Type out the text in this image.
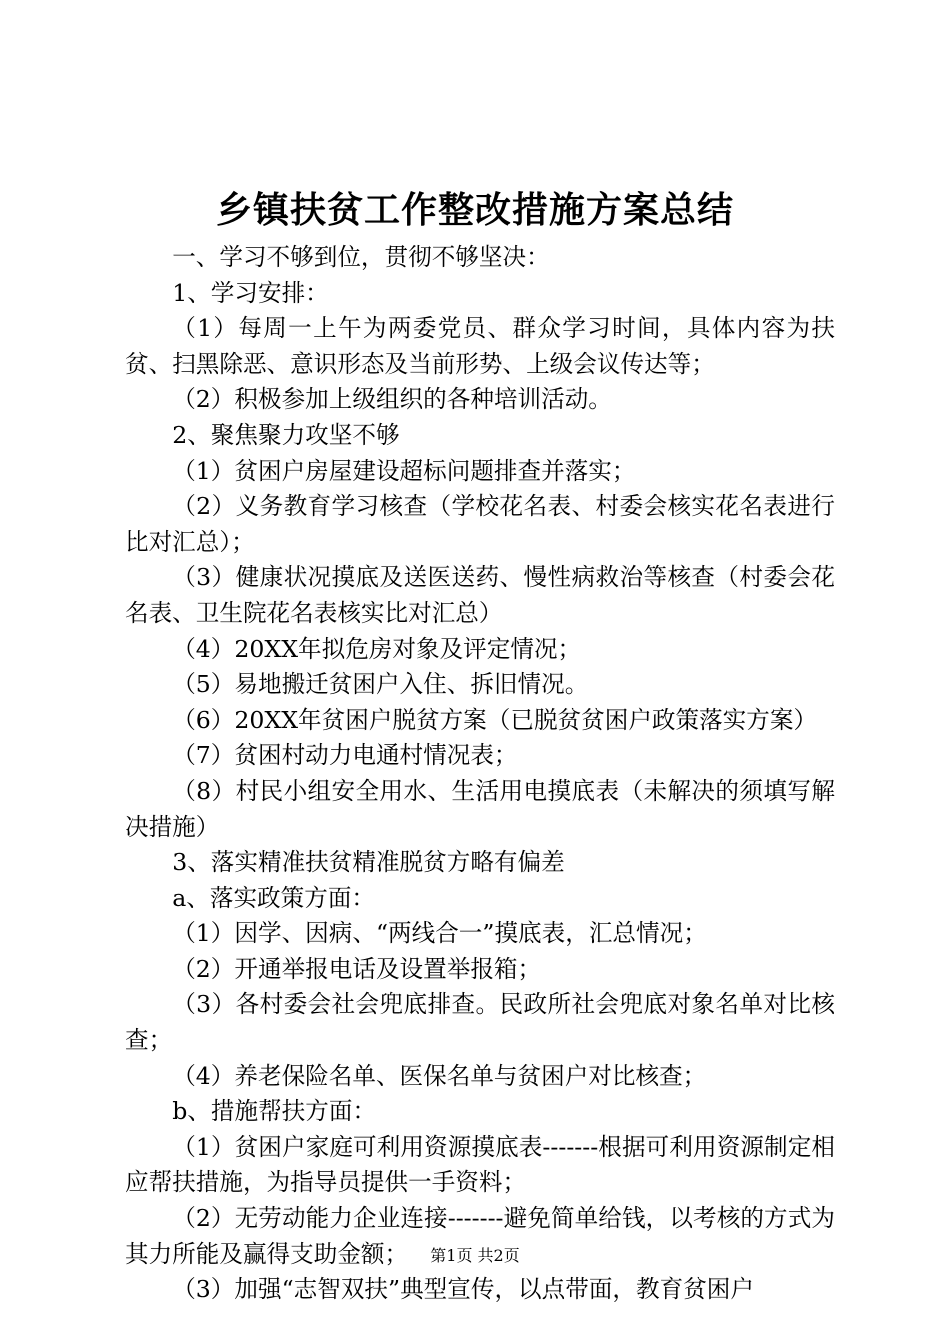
乡镇扶贫工作整改措施方案总结

一、学习不够到位，贯彻不够坚决：

1、学习安排：

（1）每周一上午为两委党员、群众学习时间，具体内容为扶贫、扫黑除恶、意识形态及当前形势、上级会议传达等；

（2）积极参加上级组织的各种培训活动。

2、聚焦聚力攻坚不够

（1）贫困户房屋建设超标问题排查并落实；

（2）义务教育学习核查（学校花名表、村委会核实花名表进行比对汇总）；

（3）健康状况摸底及送医送药、慢性病救治等核查（村委会花名表、卫生院花名表核实比对汇总）

（4）20XX年拟危房对象及评定情况；

（5）易地搬迁贫困户入住、拆旧情况。

（6）20XX年贫困户脱贫方案（已脱贫贫困户政策落实方案）

（7）贫困村动力电通村情况表；

（8）村民小组安全用水、生活用电摸底表（未解决的须填写解决措施）

3、落实精准扶贫精准脱贫方略有偏差

a、落实政策方面：

（1）因学、因病、“两线合一”摸底表，汇总情况；

（2）开通举报电话及设置举报箱；

（3）各村委会社会兜底排查。民政所社会兜底对象名单对比核查；

（4）养老保险名单、医保名单与贫困户对比核查；

b、措施帮扶方面：

（1）贫困户家庭可利用资源摸底表-------根据可利用资源制定相应帮扶措施，为指导员提供一手资料；

（2）无劳动能力企业连接-------避免简单给钱，以考核的方式为其力所能及赢得支助金额；

（3）加强“志智双扶”典型宣传，以点带面，教育贫困户

第1页 共2页
